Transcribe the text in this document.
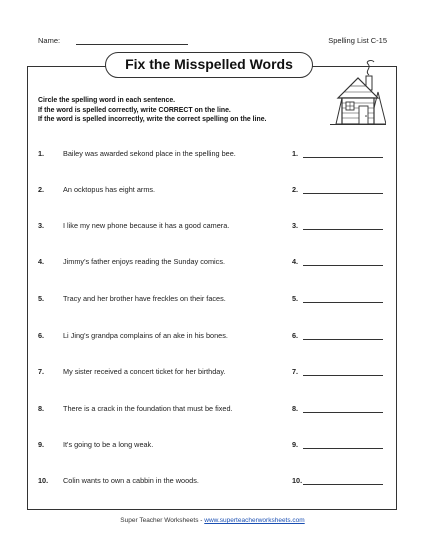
Name:	Spelling List C-15
Fix the Misspelled Words
Circle the spelling word in each sentence.
If the word is spelled correctly, write CORRECT on the line.
If the word is spelled incorrectly, write the correct spelling on the line.
1.	Bailey was awarded sekond place in the spelling bee.	1.
2.	An ocktopus has eight arms.	2.
3.	I like my new phone because it has a good camera.	3.
4.	Jimmy's father enjoys reading the Sunday comics.	4.
5.	Tracy and her brother have freckles on their faces.	5.
6.	Li Jing's grandpa complains of an ake in his bones.	6.
7.	My sister received a concert ticket for her birthday.	7.
8.	There is a crack in the foundation that must be fixed.	8.
9.	It's going to be a long weak.	9.
10. Colin wants to own a cabbin in the woods.	10.
Super Teacher Worksheets - www.superteacherworksheets.com
